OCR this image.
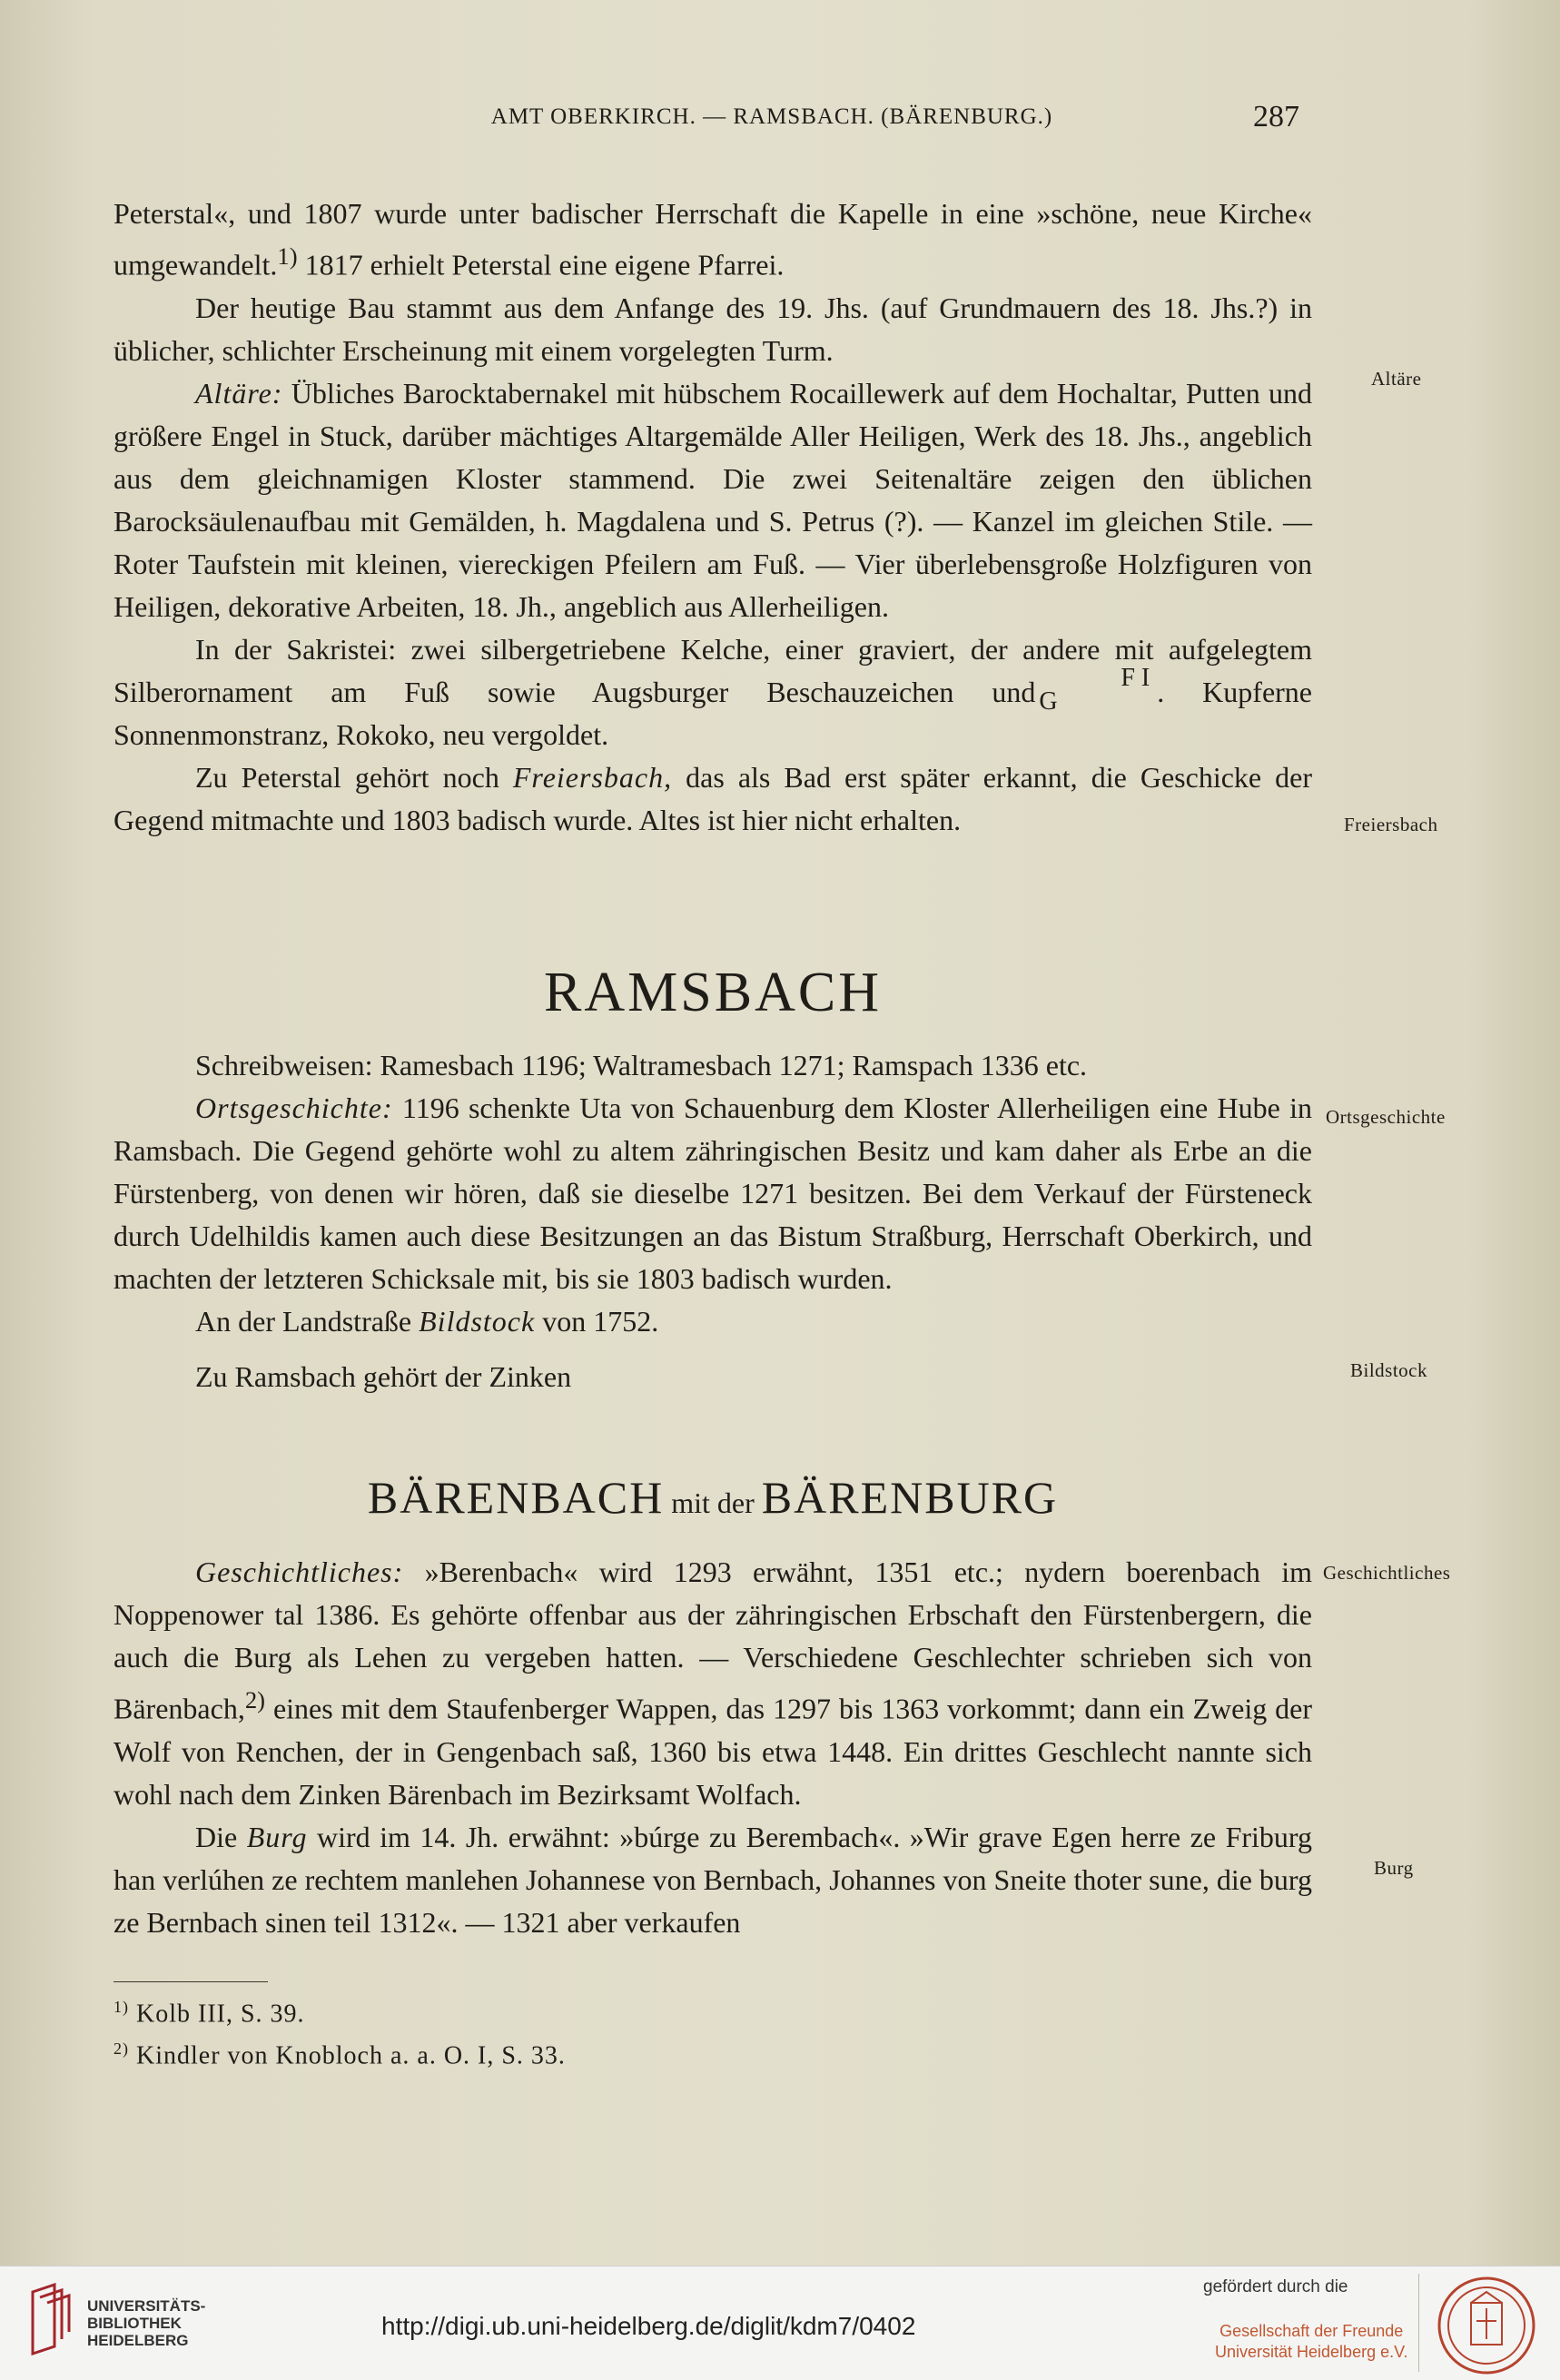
AMT OBERKIRCH. — RAMSBACH. (BÄRENBURG.)	287

Peterstal«, und 1807 wurde unter badischer Herrschaft die Kapelle in eine »schöne, neue Kirche« umgewandelt.$^{1)}$ 1817 erhielt Peterstal eine eigene Pfarrei.

Der heutige Bau stammt aus dem Anfange des 19. Jhs. (auf Grundmauern des 18. Jhs.?) in üblicher, schlichter Erscheinung mit einem vorgelegten Turm.

Altäre: Übliches Barocktabernakel mit hübschem Rocaillewerk auf dem Hochaltar, Putten und größere Engel in Stuck, darüber mächtiges Altargemälde Aller Heiligen, Werk des 18. Jhs., angeblich aus dem gleichnamigen Kloster stammend. Die zwei Seitenaltäre zeigen den üblichen Barocksäulenaufbau mit Gemälden, h. Magdalena und S. Petrus (?). — Kanzel im gleichen Stile. — Roter Taufstein mit kleinen, viereckigen Pfeilern am Fuß. — Vier überlebensgroße Holzfiguren von Heiligen, dekorative Arbeiten, 18. Jh., angeblich aus Allerheiligen.

In der Sakristei: zwei silbergetriebene Kelche, einer graviert, der andere mit aufgelegtem Silberornament am Fuß sowie Augsburger Beschauzeichen und	F I
G	. Kupferne Sonnenmonstranz, Rokoko, neu vergoldet.

Zu Peterstal gehört noch Freiersbach, das als Bad erst später erkannt, die Geschicke der Gegend mitmachte und 1803 badisch wurde. Altes ist hier nicht erhalten.

RAMSBACH

Schreibweisen: Ramesbach 1196; Waltramesbach 1271; Ramspach 1336 etc.

Ortsgeschichte: 1196 schenkte Uta von Schauenburg dem Kloster Allerheiligen eine Hube in Ramsbach. Die Gegend gehörte wohl zu altem zähringischen Besitz und kam daher als Erbe an die Fürstenberg, von denen wir hören, daß sie dieselbe 1271 besitzen. Bei dem Verkauf der Fürsteneck durch Udelhildis kamen auch diese Besitzungen an das Bistum Straßburg, Herrschaft Oberkirch, und machten der letzteren Schicksale mit, bis sie 1803 badisch wurden.

An der Landstraße Bildstock von 1752.

Zu Ramsbach gehört der Zinken

BÄRENBACH mit der BÄRENBURG

Geschichtliches: »Berenbach« wird 1293 erwähnt, 1351 etc.; nydern boerenbach im Noppenower tal 1386. Es gehörte offenbar aus der zähringischen Erbschaft den Fürstenbergern, die auch die Burg als Lehen zu vergeben hatten. — Verschiedene Geschlechter schrieben sich von Bärenbach,$^{2)}$ eines mit dem Staufenberger Wappen, das 1297 bis 1363 vorkommt; dann ein Zweig der Wolf von Renchen, der in Gengenbach saß, 1360 bis etwa 1448. Ein drittes Geschlecht nannte sich wohl nach dem Zinken Bärenbach im Bezirksamt Wolfach.

Die Burg wird im 14. Jh. erwähnt: »búrge zu Berembach«. »Wir grave Egen herre ze Friburg han verlúhen ze rechtem manlehen Johannese von Bernbach, Johannes von Sneite thoter sune, die burg ze Bernbach sinen teil 1312«. — 1321 aber verkaufen

Altäre
Freiersbach
Ortsgeschichte
Bildstock
Geschichtliches
Burg
$^{1)}$ Kolb III, S. 39.
$^{2)}$ Kindler von Knobloch a. a. O. I, S. 33.
UNIVERSITÄTS-
BIBLIOTHEK
HEIDELBERG
http://digi.ub.uni-heidelberg.de/diglit/kdm7/0402
gefördert durch die
Gesellschaft der Freunde
Universität Heidelberg e.V.
